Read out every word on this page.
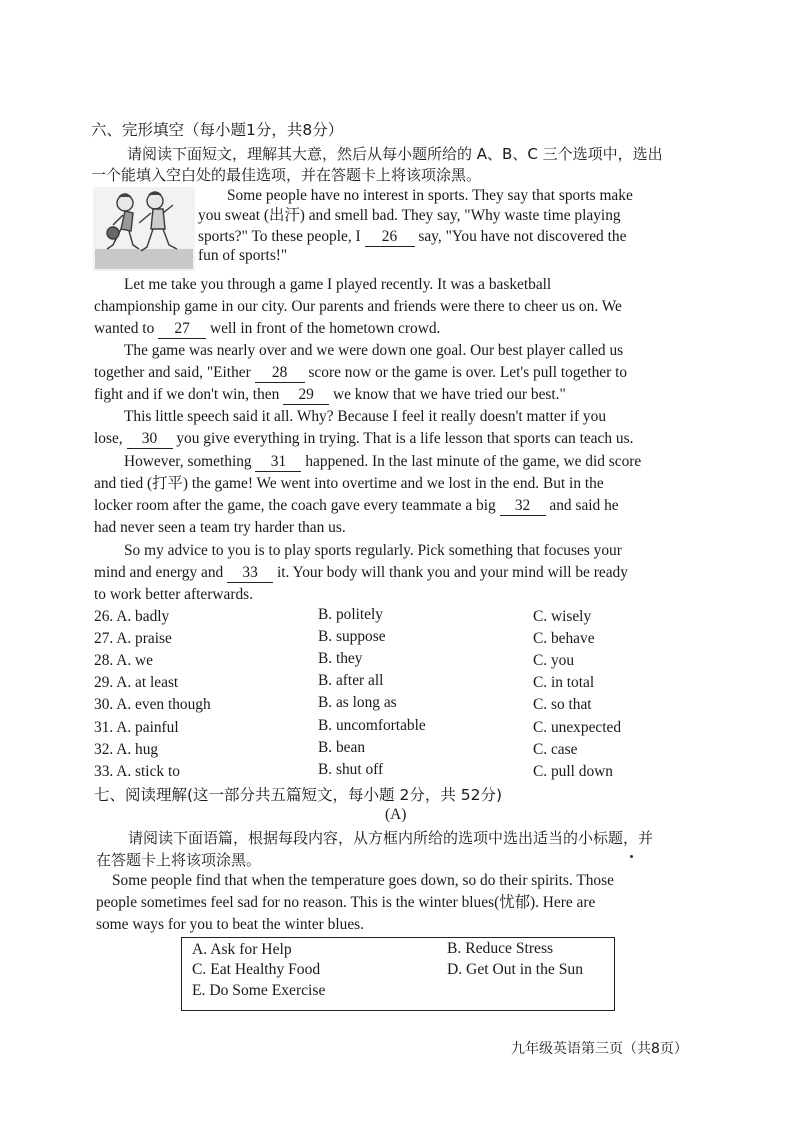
六、完形填空（每小题1分，共8分）
请阅读下面短文，理解其大意，然后从每小题所给的 A、B、C 三个选项中，选出
一个能填入空白处的最佳选项，并在答题卡上将该项涂黑。
Some people have no interest in sports. They say that sports make
you sweat (出汗) and smell bad. They say, "Why waste time playing
sports?" To these people, I 26 say, "You have not discovered the
fun of sports!"
Let me take you through a game I played recently. It was a basketball
championship game in our city. Our parents and friends were there to cheer us on. We
wanted to 27 well in front of the hometown crowd.
The game was nearly over and we were down one goal. Our best player called us
together and said, "Either 28 score now or the game is over. Let's pull together to
fight and if we don't win, then 29 we know that we have tried our best."
This little speech said it all. Why? Because I feel it really doesn't matter if you
lose, 30 you give everything in trying. That is a life lesson that sports can teach us.
However, something 31 happened. In the last minute of the game, we did score
and tied (打平) the game! We went into overtime and we lost in the end. But in the
locker room after the game, the coach gave every teammate a big 32 and said he
had never seen a team try harder than us.
So my advice to you is to play sports regularly. Pick something that focuses your
mind and energy and 33 it. Your body will thank you and your mind will be ready
to work better afterwards.
26. A. badly	B. politely	C. wisely
27. A. praise	B. suppose	C. behave
28. A. we	B. they	C. you
29. A. at least	B. after all	C. in total
30. A. even though	B. as long as	C. so that
31. A. painful	B. uncomfortable	C. unexpected
32. A. hug	B. bean	C. case
33. A. stick to	B. shut off	C. pull down
七、阅读理解(这一部分共五篇短文，每小题 2分，共 52分)
(A)
请阅读下面语篇，根据每段内容，从方框内所给的选项中选出适当的小标题，并
在答题卡上将该项涂黑。
Some people find that when the temperature goes down, so do their spirits. Those
people sometimes feel sad for no reason. This is the winter blues(忧郁). Here are
some ways for you to beat the winter blues.
A. Ask for Help	B. Reduce Stress
C. Eat Healthy Food	D. Get Out in the Sun
E. Do Some Exercise
九年级英语第三页（共8页）
